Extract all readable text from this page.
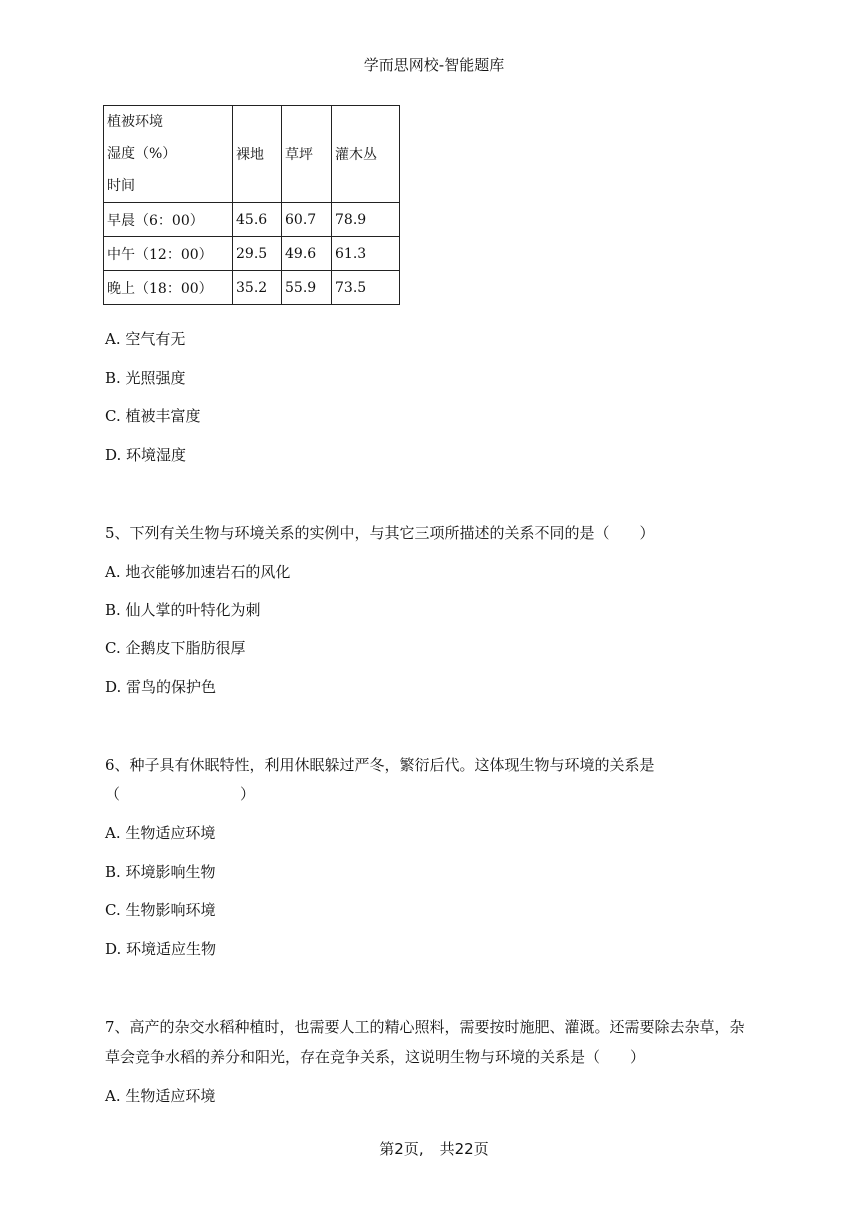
学而思网校-智能题库
植被环境
湿度（%）
时间	裸地	草坪	灌木丛
早晨（6：00）	45.6	60.7	78.9
中午（12：00）	29.5	49.6	61.3
晚上（18：00）	35.2	55.9	73.5
A. 空气有无
B. 光照强度
C. 植被丰富度
D. 环境湿度
5、下列有关生物与环境关系的实例中，与其它三项所描述的关系不同的是（　　）
A. 地衣能够加速岩石的风化
B. 仙人掌的叶特化为刺
C. 企鹅皮下脂肪很厚
D. 雷鸟的保护色
6、种子具有休眠特性，利用休眠躲过严冬，繁衍后代。这体现生物与环境的关系是
（　　　　　　　　）
A. 生物适应环境
B. 环境影响生物
C. 生物影响环境
D. 环境适应生物
7、高产的杂交水稻种植时，也需要人工的精心照料，需要按时施肥、灌溉。还需要除去杂草，杂
草会竞争水稻的养分和阳光，存在竞争关系，这说明生物与环境的关系是（　　）
A. 生物适应环境
第2页, 共22页
